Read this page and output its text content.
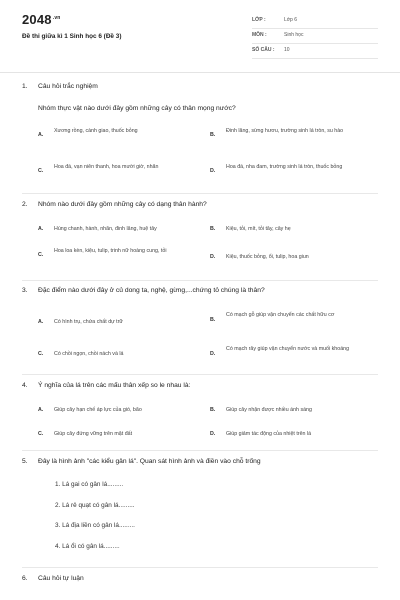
$2048^{.vn}$
Đề thi giữa kì 1 Sinh học 6 (Đề 3)
LỚP :	Lớp 6
MÔN :	Sinh học
SỐ CÂU : 10
1. Câu hỏi trắc nghiệm
Nhóm thực vật nào dưới đây gồm những cây có thân mọng nước?
A.
Xương rồng, cành giao, thuốc bỏng
B.
Đinh lăng, sừng hươu, trường sinh lá tròn, su hào
C.
Hoa đá, vạn niên thanh, hoa mười giờ, nhãn
D.
Hoa đá, nha đam, trường sinh lá tròn, thuốc bỏng
2. Nhóm nào dưới đây gồm những cây có dạng thân hành?
A. Hùng chanh, hành, nhãn, đinh lăng, huệ tây	B. Kiệu, tỏi, mít, tỏi tây, cây hẹ
C.
Hoa loa kèn, kiệu, tulip, trinh nữ hoàng cung, tỏi
D. Kiệu, thuốc bỏng, ổi, tulip, hoa giun
3. Đặc điểm nào dưới đây ở củ dong ta, nghệ, gừng,...chứng tỏ chúng là thân?
A. Có hình trụ, chứa chất dự trữ	B.
Có mạch gỗ giúp vận chuyển các chất hữu cơ
C. Có chồi ngọn, chồi nách và lá	D.
Có mạch rây giúp vận chuyển nước và muối khoáng
4. Ý nghĩa của lá trên các mấu thân xếp so le nhau là:
A. Giúp cây hạn chế áp lực của gió, bão	B. Giúp cây nhận được nhiều ánh sáng
C. Giúp cây đứng vững trên mặt đất	D. Giúp giảm tác động của nhiệt trên lá
5. Đây là hình ảnh "các kiểu gân lá". Quan sát hình ảnh và điền vào chỗ trống
1. Lá gai có gân lá.........
2. Lá rẻ quạt có gân lá.........
3. Lá địa liền có gân lá.........
4. Lá ổi có gân lá.........
6. Câu hỏi tự luận
